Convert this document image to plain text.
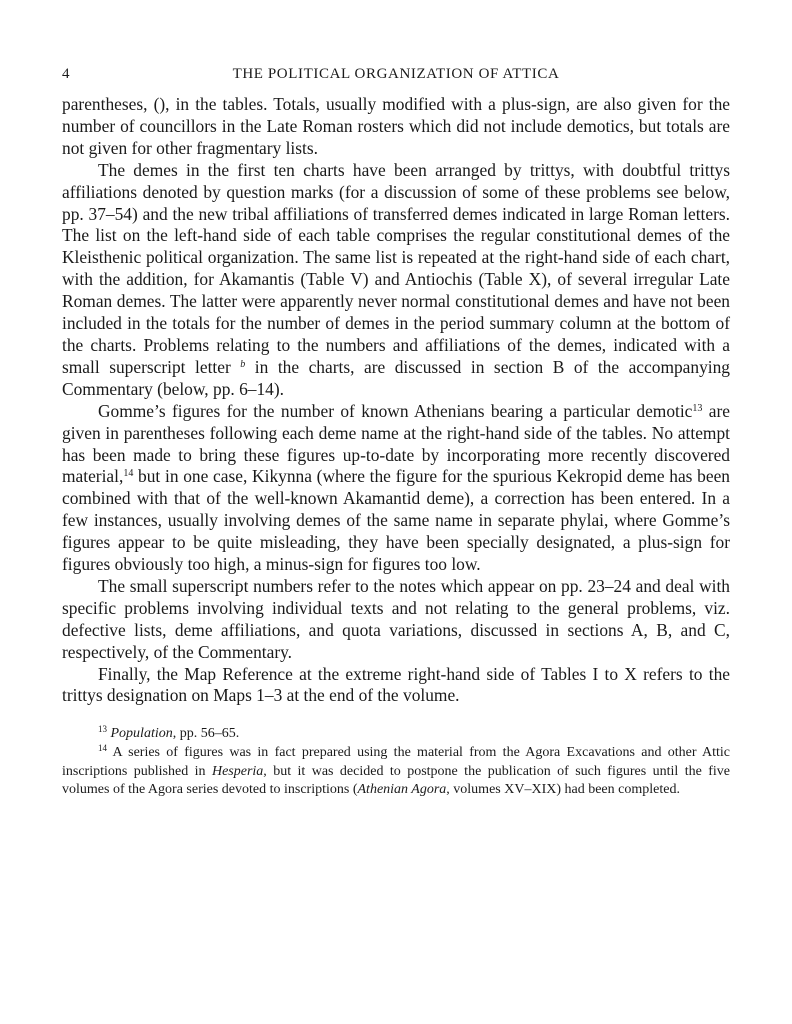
4	THE POLITICAL ORGANIZATION OF ATTICA

parentheses, (), in the tables. Totals, usually modified with a plus-sign, are also given for the number of councillors in the Late Roman rosters which did not include demotics, but totals are not given for other fragmentary lists.

The demes in the first ten charts have been arranged by trittys, with doubtful trittys affiliations denoted by question marks (for a discussion of some of these problems see below, pp. 37–54) and the new tribal affiliations of transferred demes indicated in large Roman letters. The list on the left-hand side of each table comprises the regular constitutional demes of the Kleisthenic political organization. The same list is repeated at the right-hand side of each chart, with the addition, for Akamantis (Table V) and Antiochis (Table X), of several irregular Late Roman demes. The latter were apparently never normal constitutional demes and have not been included in the totals for the number of demes in the period summary column at the bottom of the charts. Problems relating to the numbers and affiliations of the demes, indicated with a small superscript letter $^b$ in the charts, are discussed in section B of the accompanying Commentary (below, pp. 6–14).

Gomme’s figures for the number of known Athenians bearing a particular demotic$^{13}$ are given in parentheses following each deme name at the right-hand side of the tables. No attempt has been made to bring these figures up-to-date by incorporating more recently discovered material,$^{14}$ but in one case, Kikynna (where the figure for the spurious Kekropid deme has been combined with that of the well-known Akamantid deme), a correction has been entered. In a few instances, usually involving demes of the same name in separate phylai, where Gomme’s figures appear to be quite misleading, they have been specially designated, a plus-sign for figures obviously too high, a minus-sign for figures too low.

The small superscript numbers refer to the notes which appear on pp. 23–24 and deal with specific problems involving individual texts and not relating to the general problems, viz. defective lists, deme affiliations, and quota variations, discussed in sections A, B, and C, respectively, of the Commentary.

Finally, the Map Reference at the extreme right-hand side of Tables I to X refers to the trittys designation on Maps 1–3 at the end of the volume.

$^{13}$ Population, pp. 56–65.

$^{14}$ A series of figures was in fact prepared using the material from the Agora Excavations and other Attic inscriptions published in Hesperia, but it was decided to postpone the publication of such figures until the five volumes of the Agora series devoted to inscriptions (Athenian Agora, volumes XV–XIX) had been completed.
